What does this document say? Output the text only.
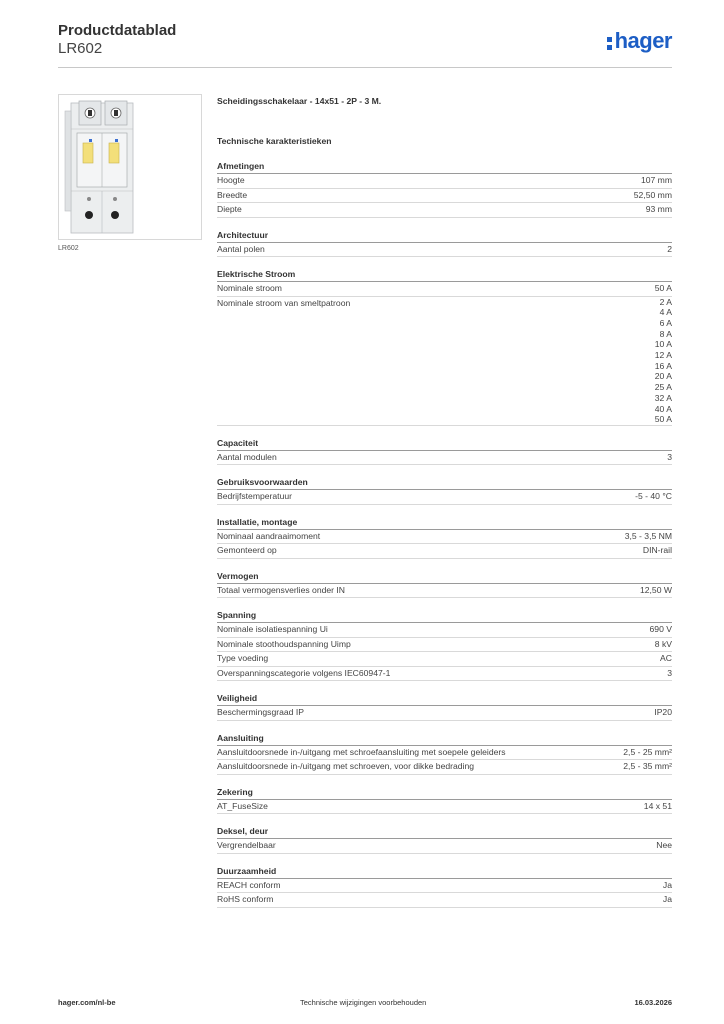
Productdatablad
LR602	hager
LR602
Scheidingsschakelaar - 14x51 - 2P - 3 M.
Technische karakteristieken
Afmetingen
Hoogte	107 mm
Breedte	52,50 mm
Diepte	93 mm
Architectuur
Aantal polen	2
Elektrische Stroom
Nominale stroom	50 A
Nominale stroom van smeltpatroon	2 A
4 A
6 A
8 A
10 A
12 A
16 A
20 A
25 A
32 A
40 A
50 A
Capaciteit
Aantal modulen	3
Gebruiksvoorwaarden
Bedrijfstemperatuur	-5 - 40 °C
Installatie, montage
Nominaal aandraaimoment	3,5 - 3,5 NM
Gemonteerd op	DIN-rail
Vermogen
Totaal vermogensverlies onder IN	12,50 W
Spanning
Nominale isolatiespanning Ui	690 V
Nominale stoothoudspanning Uimp	8 kV
Type voeding	AC
Overspanningscategorie volgens IEC60947-1	3
Veiligheid
Beschermingsgraad IP	IP20
Aansluiting
Aansluitdoorsnede in-/uitgang met schroefaansluiting met soepele geleiders	2,5 - 25 mm²
Aansluitdoorsnede in-/uitgang met schroeven, voor dikke bedrading	2,5 - 35 mm²
Zekering
AT_FuseSize	14 x 51
Deksel, deur
Vergrendelbaar	Nee
Duurzaamheid
REACH conform	Ja
RoHS conform	Ja
hager.com/nl-be	Technische wijzigingen voorbehouden	16.03.2026
